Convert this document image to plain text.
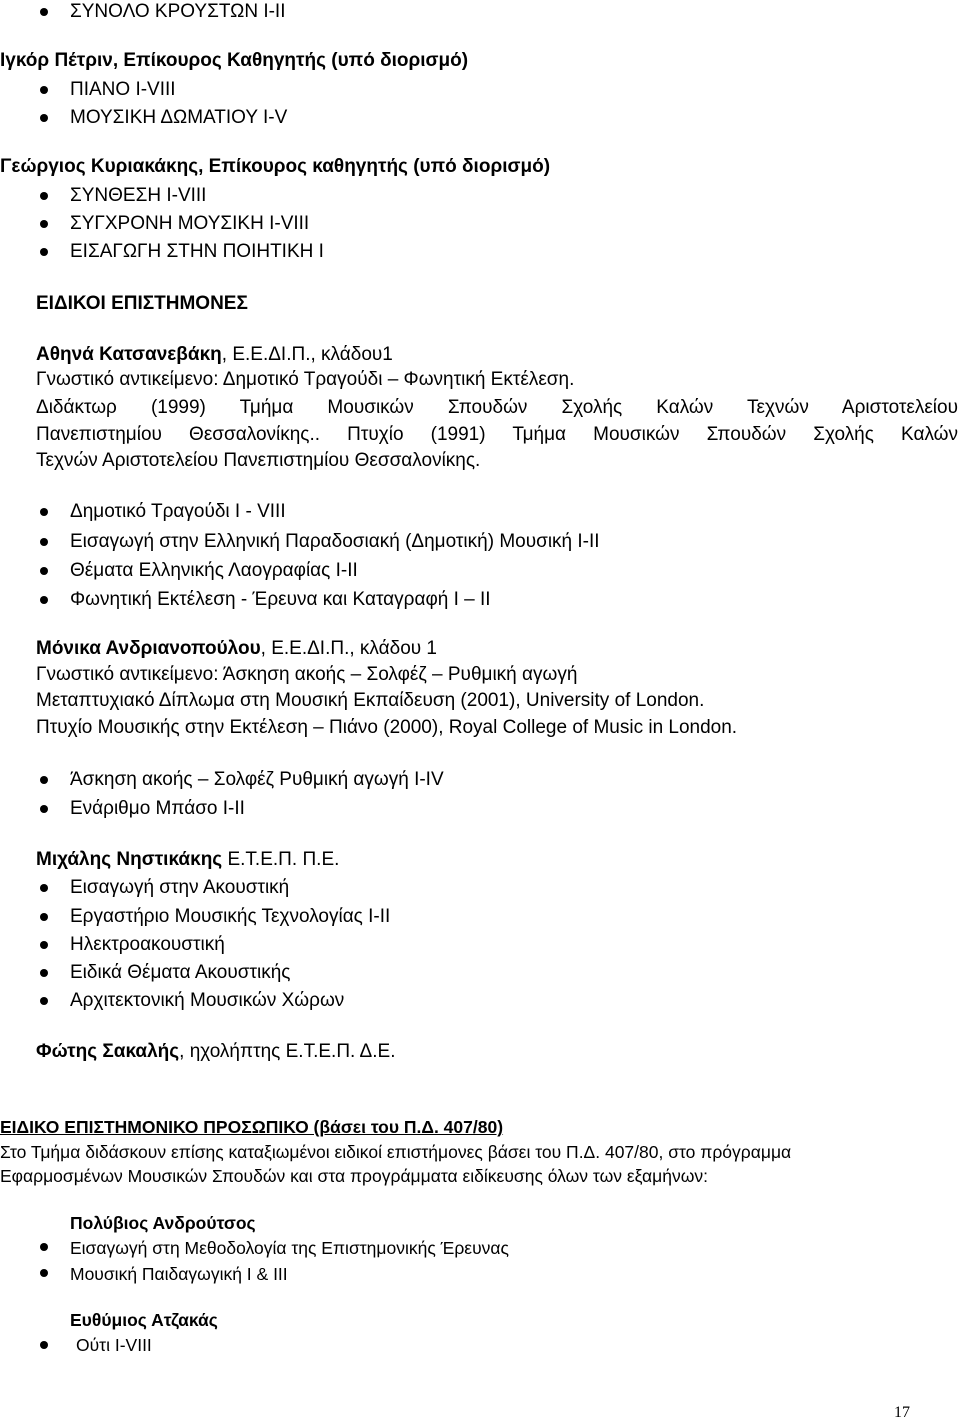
ΣΥΝΟΛΟ ΚΡΟΥΣΤΩΝ I-II
Ιγκόρ Πέτριν, Επίκουρος Καθηγητής (υπό διορισμό)
ΠΙΑΝΟ I-VIII
ΜΟΥΣΙΚΗ ΔΩΜΑΤΙΟΥ I-V
Γεώργιος Κυριακάκης, Επίκουρος καθηγητής (υπό διορισμό)
ΣΥΝΘΕΣΗ I-VIII
ΣΥΓΧΡΟΝΗ ΜΟΥΣΙΚΗ I-VIII
ΕΙΣΑΓΩΓΗ ΣΤΗΝ ΠΟΙΗΤΙΚΗ Ι
ΕΙΔΙΚΟΙ ΕΠΙΣΤΗΜΟΝΕΣ
Αθηνά Κατσανεβάκη, Ε.Ε.ΔΙ.Π., κλάδου1
Γνωστικό αντικείμενο: Δημοτικό Τραγούδι – Φωνητική Εκτέλεση.
Διδάκτωρ (1999) Τμήμα Μουσικών Σπουδών Σχολής Καλών Τεχνών Αριστοτελείου
Πανεπιστημίου Θεσσαλονίκης.. Πτυχίο (1991) Τμήμα Μουσικών Σπουδών Σχολής Καλών
Τεχνών Αριστοτελείου Πανεπιστημίου Θεσσαλονίκης.
Δημοτικό Τραγούδι Ι - VIII
Εισαγωγή στην Ελληνική Παραδοσιακή (Δημοτική) Μουσική Ι-ΙΙ
Θέματα Ελληνικής Λαογραφίας Ι-ΙΙ
Φωνητική Εκτέλεση - Έρευνα και Καταγραφή Ι – ΙΙ
Μόνικα Ανδριανοπούλου, Ε.Ε.ΔΙ.Π., κλάδου 1
Γνωστικό αντικείμενο: Άσκηση ακοής – Σολφέζ – Ρυθμική αγωγή
Μεταπτυχιακό Δίπλωμα στη Μουσική Εκπαίδευση (2001), University of London.
Πτυχίο Μουσικής στην Εκτέλεση – Πιάνο (2000), Royal College of Music in London.
Άσκηση ακοής – Σολφέζ Ρυθμική αγωγή Ι-ΙV
Ενάριθμο Μπάσο Ι-ΙΙ
Μιχάλης Νηστικάκης Ε.Τ.Ε.Π. Π.Ε.
Εισαγωγή στην Ακουστική
Εργαστήριο Μουσικής Τεχνολογίας Ι-ΙΙ
Ηλεκτροακουστική
Ειδικά Θέματα Ακουστικής
Αρχιτεκτονική Μουσικών Χώρων
Φώτης Σακαλής, ηχολήπτης Ε.Τ.Ε.Π. Δ.Ε.
ΕΙΔΙΚΟ ΕΠΙΣΤΗΜΟΝΙΚΟ ΠΡΟΣΩΠΙΚΟ (βάσει του Π.Δ. 407/80)
Στο Τμήμα διδάσκουν επίσης καταξιωμένοι ειδικοί επιστήμονες βάσει του Π.Δ. 407/80, στο πρόγραμμα
Εφαρμοσμένων Μουσικών Σπουδών και στα προγράμματα ειδίκευσης όλων των εξαμήνων:
Πολύβιος Ανδρούτσος
Εισαγωγή στη Μεθοδολογία της Επιστημονικής Έρευνας
Μουσική Παιδαγωγική Ι & ΙΙΙ
Ευθύμιος Ατζακάς
Ούτι Ι-VIII
17
